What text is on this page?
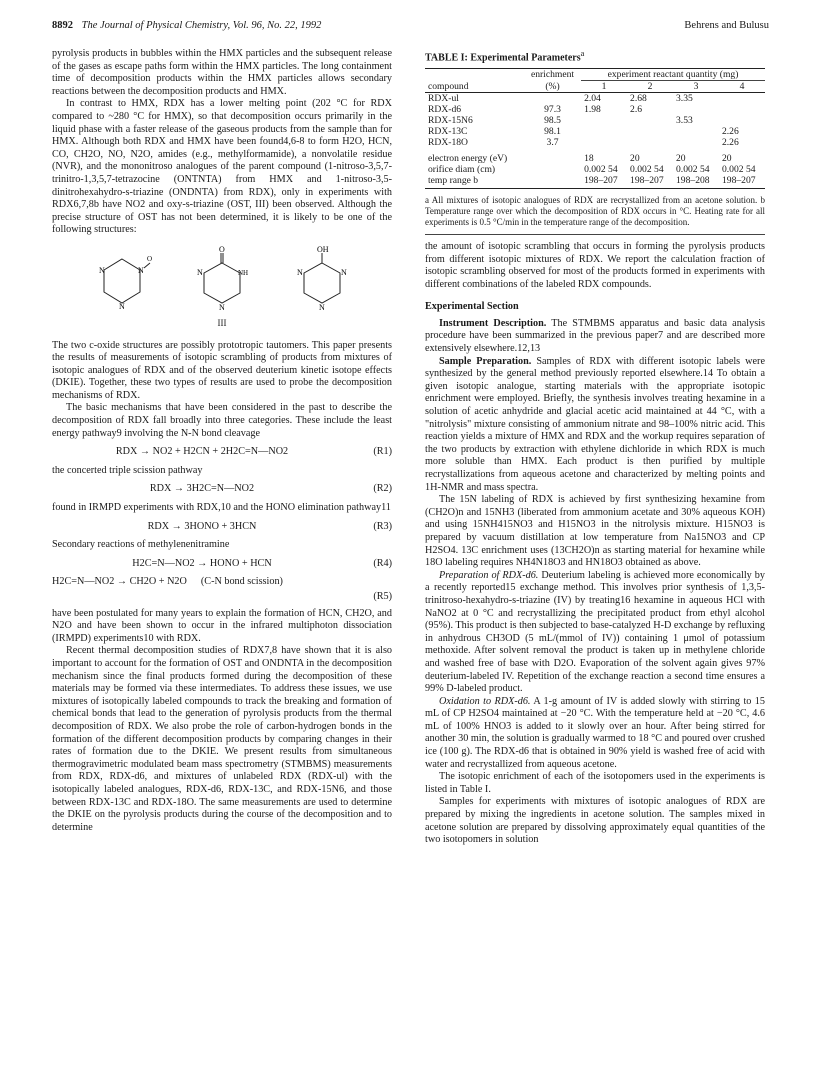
8892 The Journal of Physical Chemistry, Vol. 96, No. 22, 1992	Behrens and Bulusu

pyrolysis products in bubbles within the HMX particles and the subsequent release of the gases as escape paths form within the HMX particles. The long containment time of decomposition products within the HMX particles allows secondary reactions between the decomposition products and HMX.

In contrast to HMX, RDX has a lower melting point (202 °C for RDX compared to ~280 °C for HMX), so that decomposition occurs primarily in the liquid phase with a faster release of the gaseous products from the sample than for HMX. Although both RDX and HMX have been found4,6-8 to form H2O, HCN, CO, CH2O, NO, N2O, amides (e.g., methylformamide), a nonvolatile residue (NVR), and the mononitroso analogues of the parent compound (1-nitroso-3,5,7-trinitro-1,3,5,7-tetrazocine (ONTNTA) from HMX and 1-nitroso-3,5-dinitrohexahydro-s-triazine (ONDNTA) from RDX), only in experiments with RDX6,7,8b have NO2 and oxy-s-triazine (OST, III) been observed. Although the precise structure of OST has not been determined, it is likely to be one of the following structures:

N
N
N
O
O
N	NH
N
OH
N	N
N
III

The two c-oxide structures are possibly prototropic tautomers. This paper presents the results of measurements of isotopic scrambling of products from mixtures of isotopic analogues of RDX and of the observed deuterium kinetic isotope effects (DKIE). Together, these two types of results are used to probe the decomposition mechanisms of RDX.

The basic mechanisms that have been considered in the past to describe the decomposition of RDX fall broadly into three categories. These include the least energy pathway9 involving the N-N bond cleavage

RDX → NO2 + H2CN + 2H2C=N—NO2	(R1)

the concerted triple scission pathway

RDX → 3H2C=N—NO2	(R2)

found in IRMPD experiments with RDX,10 and the HONO elimination pathway11

RDX → 3HONO + 3HCN	(R3)

Secondary reactions of methylenenitramine

H2C=N—NO2 → HONO + HCN	(R4)
H2C=N—NO2 → CH2O + N2O (C-N bond scission)
(R5)

have been postulated for many years to explain the formation of HCN, CH2O, and N2O and have been shown to occur in the infrared multiphoton dissociation (IRMPD) experiments10 with RDX.

Recent thermal decomposition studies of RDX7,8 have shown that it is also important to account for the formation of OST and ONDNTA in the decomposition mechanism since the final products formed during the decomposition of these materials may be formed via these intermediates. To address these issues, we use mixtures of isotopically labeled compounds to track the breaking and formation of chemical bonds that lead to the generation of pyrolysis products from the thermal decomposition of RDX. We also probe the role of carbon-hydrogen bonds in the formation of the different decomposition products by comparing changes in their rates of formation due to the DKIE. We present results from simultaneous thermogravimetric modulated beam mass spectrometry (STMBMS) measurements from RDX, RDX-d6, and mixtures of unlabeled RDX (RDX-ul) with the isotopically labeled analogues, RDX-d6, RDX-13C, and RDX-15N6, and those between RDX-13C and RDX-18O. The same measurements are used to determine the DKIE on the pyrolysis products during the course of the decomposition and to determine

TABLE I: Experimental Parameters$^a$
compound	enrichment	experiment reactant quantity (mg)			
	(%)	1	2	3	4
RDX-ul		2.04	2.68	3.35	
RDX-d6	97.3	1.98	2.6		
RDX-15N6	98.5			3.53	
RDX-13C	98.1				2.26
RDX-18O	3.7				2.26

electron energy (eV)		18	20	20	20
orifice diam (cm)		0.002 54	0.002 54	0.002 54	0.002 54
temp range b		198–207	198–207	198–208	198–207

a All mixtures of isotopic analogues of RDX are recrystallized from an acetone solution. b Temperature range over which the decomposition of RDX occurs in °C. Heating rate for all experiments is 0.5 °C/min in the temperature range of the decomposition.

the amount of isotopic scrambling that occurs in forming the pyrolysis products from different isotopic mixtures of RDX. We report the calculation fraction of isotopic scrambling observed for most of the products formed in experiments with different combinations of the labeled RDX compounds.

Experimental Section

Instrument Description. The STMBMS apparatus and basic data analysis procedure have been summarized in the previous paper7 and are described more extensively elsewhere.12,13

Sample Preparation. Samples of RDX with different isotopic labels were synthesized by the general method previously reported elsewhere.14 To obtain a given isotopic analogue, starting materials with the appropriate isotopic enrichment were employed. Briefly, the synthesis involves treating hexamine in a solution of acetic anhydride and glacial acetic acid maintained at 44 °C, with a "nitrolysis" mixture consisting of ammonium nitrate and 98–100% nitric acid. This reaction yields a mixture of HMX and RDX and the workup requires separation of the two products by extraction with ethylene dichloride in which RDX is much more soluble than HMX. Each product is then purified by multiple recrystallizations from aqueous acetone and characterized by melting points and 1H-NMR and mass spectra.

The 15N labeling of RDX is achieved by first synthesizing hexamine from (CH2O)n and 15NH3 (liberated from ammonium acetate and 30% aqueous KOH) and using 15NH415NO3 and H15NO3 in the nitrolysis mixture. H15NO3 is prepared by vacuum distillation at low temperature from Na15NO3 and CP H2SO4. 13C enrichment uses (13CH2O)n as starting material for hexamine while 18O labeling requires NH4N18O3 and HN18O3 obtained as above.

Preparation of RDX-d6. Deuterium labeling is achieved more economically by a recently reported15 exchange method. This involves prior synthesis of 1,3,5-trinitroso-hexahydro-s-triazine (IV) by treating16 hexamine in aqueous HCl with NaNO2 at 0 °C and recrystallizing the precipitated product from ethyl alcohol (95%). This product is then subjected to base-catalyzed H-D exchange by refluxing in anhydrous CH3OD (5 mL/(mmol of IV)) containing 1 μmol of potassium methoxide. After solvent removal the product is taken up in methylene chloride and washed free of base with D2O. Evaporation of the solvent again gives 97% deuterium-labeled IV. Repetition of the exchange reaction a second time ensures a 99% D-labeled product.

Oxidation to RDX-d6. A 1-g amount of IV is added slowly with stirring to 15 mL of CP H2SO4 maintained at −20 °C. With the temperature held at −20 °C, 4.6 mL of 100% HNO3 is added to it slowly over an hour. After being stirred for another 30 min, the solution is gradually warmed to 18 °C and poured over crushed ice (100 g). The RDX-d6 that is obtained in 90% yield is washed free of acid with water and recrystallized from aqueous acetone.

The isotopic enrichment of each of the isotopomers used in the experiments is listed in Table I.

Samples for experiments with mixtures of isotopic analogues of RDX are prepared by mixing the ingredients in acetone solution. The samples mixed in acetone solution are prepared by dissolving approximately equal quantities of the two isotopomers in solution
